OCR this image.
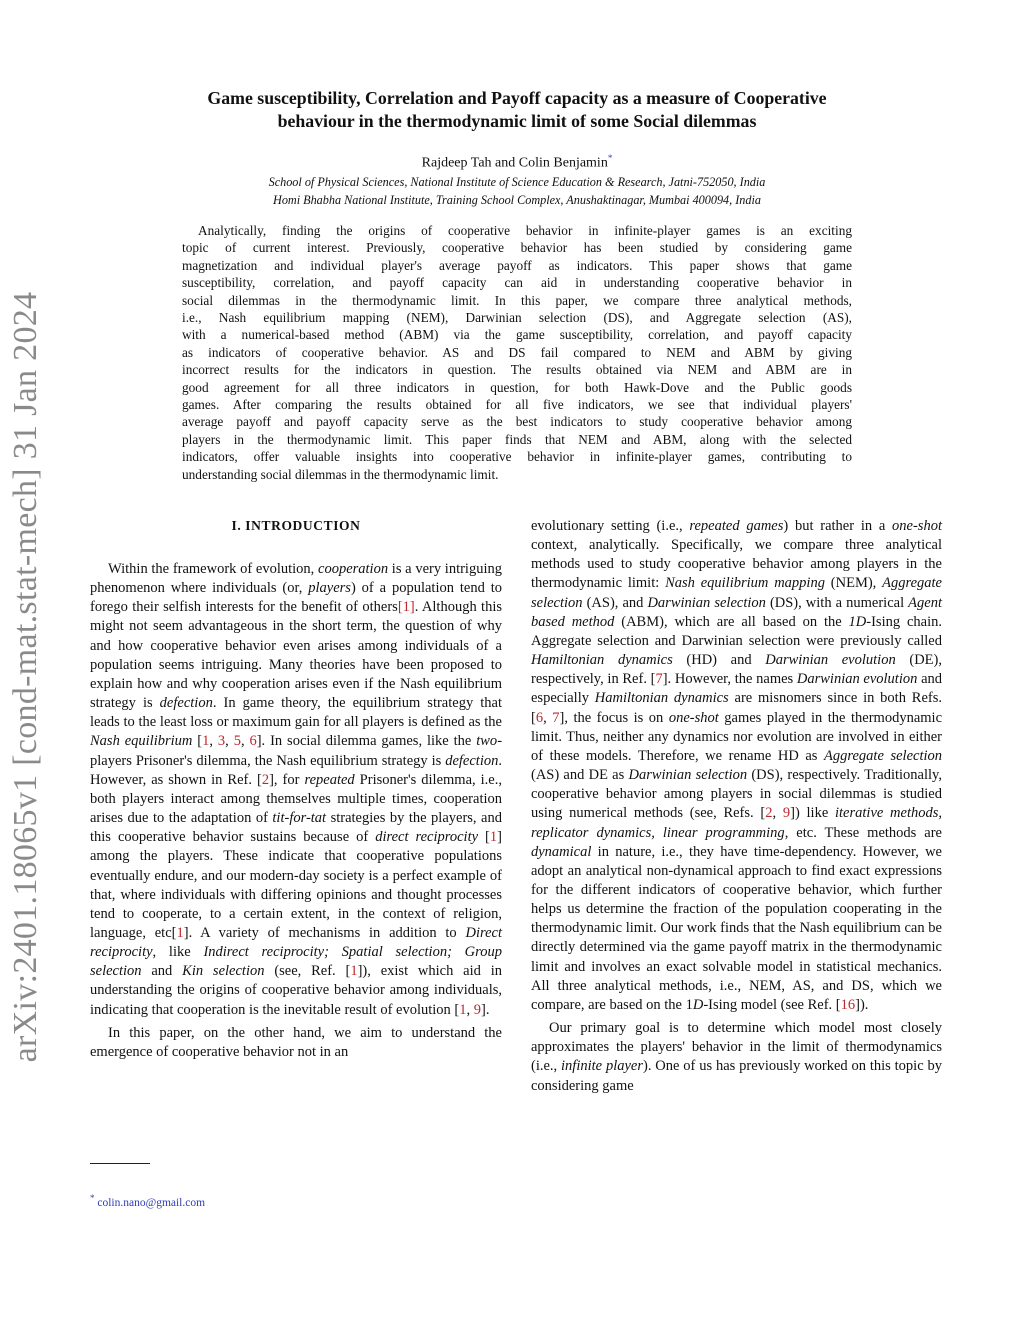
arXiv:2401.18065v1 [cond-mat.stat-mech] 31 Jan 2024
Game susceptibility, Correlation and Payoff capacity as a measure of Cooperative
behaviour in the thermodynamic limit of some Social dilemmas
Rajdeep Tah and Colin Benjamin*
School of Physical Sciences, National Institute of Science Education & Research, Jatni-752050, India
Homi Bhabha National Institute, Training School Complex, Anushaktinagar, Mumbai 400094, India
Analytically, finding the origins of cooperative behavior in infinite-player games is an exciting
topic of current interest. Previously, cooperative behavior has been studied by considering game
magnetization and individual player's average payoff as indicators. This paper shows that game
susceptibility, correlation, and payoff capacity can aid in understanding cooperative behavior in
social dilemmas in the thermodynamic limit. In this paper, we compare three analytical methods,
i.e., Nash equilibrium mapping (NEM), Darwinian selection (DS), and Aggregate selection (AS),
with a numerical-based method (ABM) via the game susceptibility, correlation, and payoff capacity
as indicators of cooperative behavior. AS and DS fail compared to NEM and ABM by giving
incorrect results for the indicators in question. The results obtained via NEM and ABM are in
good agreement for all three indicators in question, for both Hawk-Dove and the Public goods
games. After comparing the results obtained for all five indicators, we see that individual players'
average payoff and payoff capacity serve as the best indicators to study cooperative behavior among
players in the thermodynamic limit. This paper finds that NEM and ABM, along with the selected
indicators, offer valuable insights into cooperative behavior in infinite-player games, contributing to
understanding social dilemmas in the thermodynamic limit.
I. INTRODUCTION

Within the framework of evolution, cooperation is a very intriguing phenomenon where individuals (or, players) of a population tend to forego their selfish interests for the benefit of others[1]. Although this might not seem advantageous in the short term, the question of why and how cooperative behavior even arises among individuals of a population seems intriguing. Many theories have been proposed to explain how and why cooperation arises even if the Nash equilibrium strategy is defection. In game theory, the equilibrium strategy that leads to the least loss or maximum gain for all players is defined as the Nash equilibrium [1, 3, 5, 6]. In social dilemma games, like the two-players Prisoner's dilemma, the Nash equilibrium strategy is defection. However, as shown in Ref. [2], for repeated Prisoner's dilemma, i.e., both players interact among themselves multiple times, cooperation arises due to the adaptation of tit-for-tat strategies by the players, and this cooperative behavior sustains because of direct reciprocity [1] among the players. These indicate that cooperative populations eventually endure, and our modern-day society is a perfect example of that, where individuals with differing opinions and thought processes tend to cooperate, to a certain extent, in the context of religion, language, etc[1]. A variety of mechanisms in addition to Direct reciprocity, like Indirect reciprocity; Spatial selection; Group selection and Kin selection (see, Ref. [1]), exist which aid in understanding the origins of cooperative behavior among individuals, indicating that cooperation is the inevitable result of evolution [1, 9].

In this paper, on the other hand, we aim to understand the emergence of cooperative behavior not in an

evolutionary setting (i.e., repeated games) but rather in a one-shot context, analytically. Specifically, we compare three analytical methods used to study cooperative behavior among players in the thermodynamic limit: Nash equilibrium mapping (NEM), Aggregate selection (AS), and Darwinian selection (DS), with a numerical Agent based method (ABM), which are all based on the 1D-Ising chain. Aggregate selection and Darwinian selection were previously called Hamiltonian dynamics (HD) and Darwinian evolution (DE), respectively, in Ref. [7]. However, the names Darwinian evolution and especially Hamiltonian dynamics are misnomers since in both Refs. [6, 7], the focus is on one-shot games played in the thermodynamic limit. Thus, neither any dynamics nor evolution are involved in either of these models. Therefore, we rename HD as Aggregate selection (AS) and DE as Darwinian selection (DS), respectively. Traditionally, cooperative behavior among players in social dilemmas is studied using numerical methods (see, Refs. [2, 9]) like iterative methods, replicator dynamics, linear programming, etc. These methods are dynamical in nature, i.e., they have time-dependency. However, we adopt an analytical non-dynamical approach to find exact expressions for the different indicators of cooperative behavior, which further helps us determine the fraction of the population cooperating in the thermodynamic limit. Our work finds that the Nash equilibrium can be directly determined via the game payoff matrix in the thermodynamic limit and involves an exact solvable model in statistical mechanics. All three analytical methods, i.e., NEM, AS, and DS, which we compare, are based on the 1D-Ising model (see Ref. [16]).

Our primary goal is to determine which model most closely approximates the players' behavior in the limit of thermodynamics (i.e., infinite player). One of us has previously worked on this topic by considering game

* colin.nano@gmail.com
